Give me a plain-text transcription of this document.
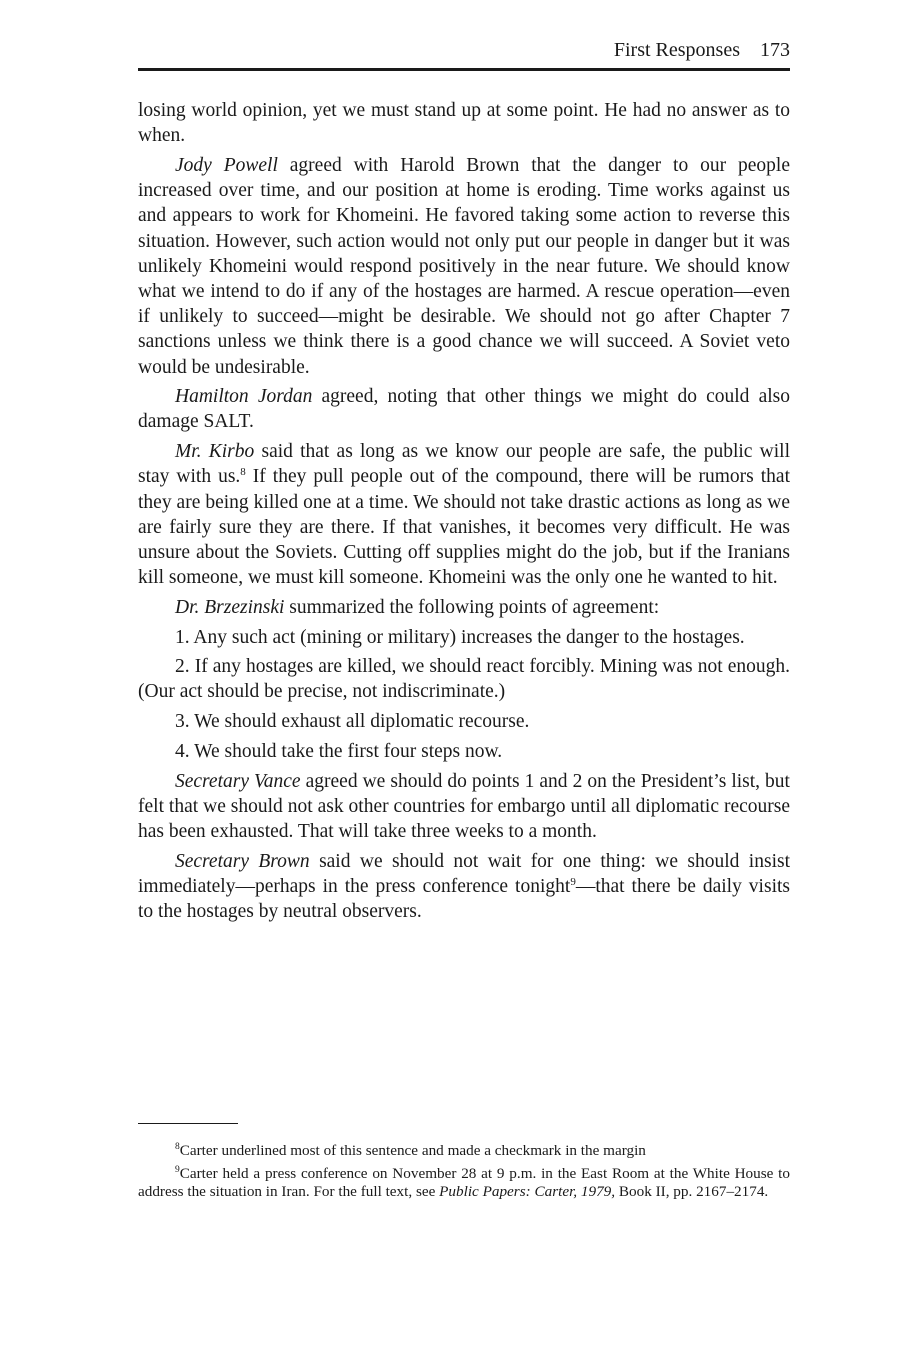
First Responses 173

losing world opinion, yet we must stand up at some point. He had no answer as to when.

Jody Powell agreed with Harold Brown that the danger to our people increased over time, and our position at home is eroding. Time works against us and appears to work for Khomeini. He favored taking some action to reverse this situation. However, such action would not only put our people in danger but it was unlikely Khomeini would respond positively in the near future. We should know what we intend to do if any of the hostages are harmed. A rescue operation—even if unlikely to succeed—might be desirable. We should not go after Chapter 7 sanctions unless we think there is a good chance we will succeed. A Soviet veto would be undesirable.

Hamilton Jordan agreed, noting that other things we might do could also damage SALT.

Mr. Kirbo said that as long as we know our people are safe, the public will stay with us.$^8$ If they pull people out of the compound, there will be rumors that they are being killed one at a time. We should not take drastic actions as long as we are fairly sure they are there. If that vanishes, it becomes very difficult. He was unsure about the Soviets. Cutting off supplies might do the job, but if the Iranians kill someone, we must kill someone. Khomeini was the only one he wanted to hit.

Dr. Brzezinski summarized the following points of agreement:

1. Any such act (mining or military) increases the danger to the hostages.

2. If any hostages are killed, we should react forcibly. Mining was not enough. (Our act should be precise, not indiscriminate.)

3. We should exhaust all diplomatic recourse.

4. We should take the first four steps now.

Secretary Vance agreed we should do points 1 and 2 on the President’s list, but felt that we should not ask other countries for embargo until all diplomatic recourse has been exhausted. That will take three weeks to a month.

Secretary Brown said we should not wait for one thing: we should insist immediately—perhaps in the press conference tonight$^9$—that there be daily visits to the hostages by neutral observers.

$^8$Carter underlined most of this sentence and made a checkmark in the margin

$^9$Carter held a press conference on November 28 at 9 p.m. in the East Room at the White House to address the situation in Iran. For the full text, see Public Papers: Carter, 1979, Book II, pp. 2167–2174.
